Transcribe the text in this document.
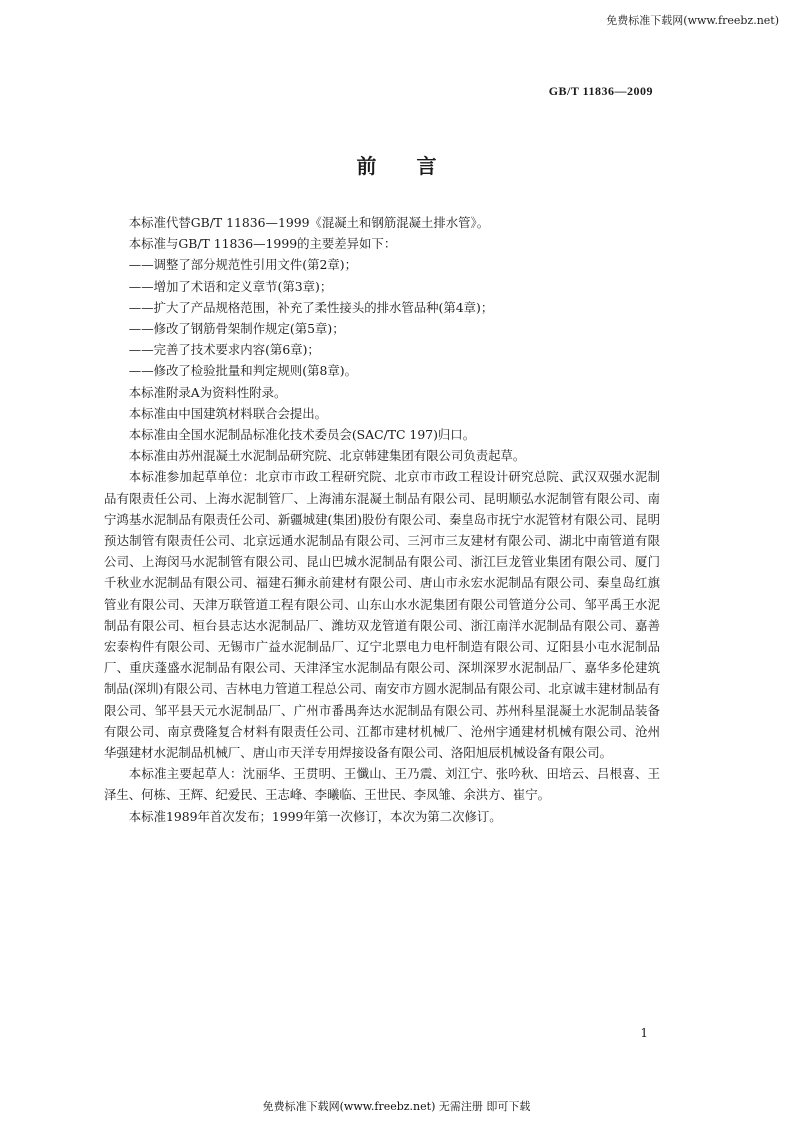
免费标准下载网(www.freebz.net)
GB/T 11836—2009
前言

本标准代替GB/T 11836—1999《混凝土和钢筋混凝土排水管》。

本标准与GB/T 11836—1999的主要差异如下：

——调整了部分规范性引用文件(第2章)；

——增加了术语和定义章节(第3章)；

——扩大了产品规格范围，补充了柔性接头的排水管品种(第4章)；

——修改了钢筋骨架制作规定(第5章)；

——完善了技术要求内容(第6章)；

——修改了检验批量和判定规则(第8章)。

本标准附录A为资料性附录。

本标准由中国建筑材料联合会提出。

本标准由全国水泥制品标准化技术委员会(SAC/TC 197)归口。

本标准由苏州混凝土水泥制品研究院、北京韩建集团有限公司负责起草。

本标准参加起草单位：北京市市政工程研究院、北京市市政工程设计研究总院、武汉双强水泥制品有限责任公司、上海水泥制管厂、上海浦东混凝土制品有限公司、昆明顺弘水泥制管有限公司、南宁鸿基水泥制品有限责任公司、新疆城建(集团)股份有限公司、秦皇岛市抚宁水泥管材有限公司、昆明预达制管有限责任公司、北京远通水泥制品有限公司、三河市三友建材有限公司、湖北中南管道有限公司、上海闵马水泥制管有限公司、昆山巴城水泥制品有限公司、浙江巨龙管业集团有限公司、厦门千秋业水泥制品有限公司、福建石狮永前建材有限公司、唐山市永宏水泥制品有限公司、秦皇岛红旗管业有限公司、天津万联管道工程有限公司、山东山水水泥集团有限公司管道分公司、邹平禹王水泥制品有限公司、桓台县志达水泥制品厂、潍坊双龙管道有限公司、浙江南洋水泥制品有限公司、嘉善宏泰构件有限公司、无锡市广益水泥制品厂、辽宁北票电力电杆制造有限公司、辽阳县小屯水泥制品厂、重庆蓬盛水泥制品有限公司、天津泽宝水泥制品有限公司、深圳深罗水泥制品厂、嘉华多伦建筑制品(深圳)有限公司、吉林电力管道工程总公司、南安市方圆水泥制品有限公司、北京诚丰建材制品有限公司、邹平县天元水泥制品厂、广州市番禺奔达水泥制品有限公司、苏州科星混凝土水泥制品装备有限公司、南京费隆复合材料有限责任公司、江都市建材机械厂、沧州宇通建材机械有限公司、沧州华强建材水泥制品机械厂、唐山市天洋专用焊接设备有限公司、洛阳旭辰机械设备有限公司。

本标准主要起草人：沈丽华、王贯明、王懺山、王乃震、刘江宁、张吟秋、田培云、吕根喜、王泽生、何栋、王辉、纪爱民、王志峰、李曦临、王世民、李凤雏、余洪方、崔宁。

本标准1989年首次发布；1999年第一次修订，本次为第二次修订。

1
免费标准下载网(www.freebz.net) 无需注册 即可下载
